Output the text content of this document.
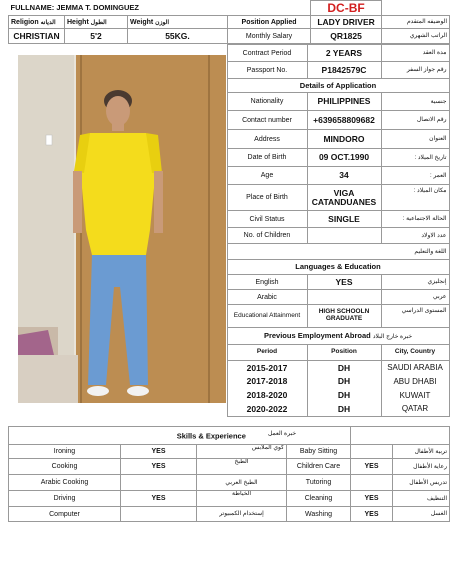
FULLNAME: JEMMA T. DOMINGUEZ				DC-BF	
Religion الديانه	Height الطول	Weight الوزن	Position Applied	LADY DRIVER	الوضيفه المتقدم
CHRISTIAN	5'2	55KG.	Monthly Salary	QR1825	الراتب الشهري
	Contract Period	2 YEARS	مدة العقد
	Passport No.	P1842579C	رقم جواز السفر
	Details of Application		
	Nationality	PHILIPPINES	جنسية
	Contact number	+639658809682	رقم الاتصال
	Address	MINDORO	العنوان
	Date of Birth	09 OCT.1990	تاريخ الميلاد :
	Age	34	العمر :
	Place of Birth	VIGA CATANDUANES	مكان الميلاد :
	Civil Status	SINGLE	الحالة الاجتماعية :
	No. of Children		عدد الاولاد
	اللغة والتعليم		
	Languages & Education		
	English	YES	إنجليزي
	Arabic		عربي
	Educational Attainment	HIGH SCHOOLN GRADUATE	المستوى الدراسي
	Previous Employment Abroad خبرة خارج البلاد		
	Period	Position	City, Country
	2015-2017	DH	SAUDI ARABIA
	2017-2018	DH	ABU DHABI
	2018-2020	DH	KUWAIT
	2020-2022	DH	QATAR
Skills & Experience $^{خبرة العمل}$	
Ironing	YES	كوي الملابس	Baby Sitting		تربية الأطفال
Cooking	YES	الطبخ	Children Care	YES	رعاية الأطفال
Arabic Cooking		الطبخ العربي	Tutoring		تدريس الأطفال
Driving	YES	الخياطة	Cleaning	YES	التنظيف
Computer		إستخدام الكمبيوتر	Washing	YES	الغسل
